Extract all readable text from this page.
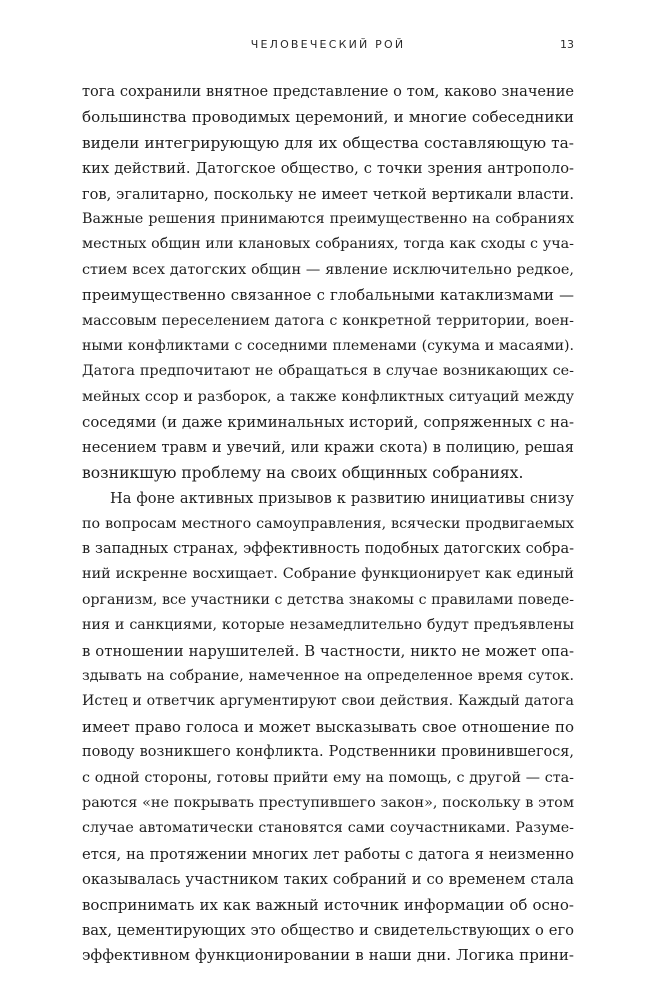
ЧЕЛОВЕЧЕСКИЙ РОЙ	13
тога сохранили внятное представление о том, каково значение
большинства проводимых церемоний, и многие собеседники
видели интегрирующую для их общества составляющую та-
ких действий. Датогское общество, с точки зрения антрополо-
гов, эгалитарно, поскольку не имеет четкой вертикали власти.
Важные решения принимаются преимущественно на собраниях
местных общин или клановых собраниях, тогда как сходы с уча-
стием всех датогских общин — явление исключительно редкое,
преимущественно связанное с глобальными катаклизмами —
массовым переселением датога с конкретной территории, воен-
ными конфликтами с соседними племенами (сукума и масаями).
Датога предпочитают не обращаться в случае возникающих се-
мейных ссор и разборок, а также конфликтных ситуаций между
соседями (и даже криминальных историй, сопряженных с на-
несением травм и увечий, или кражи скота) в полицию, решая
возникшую проблему на своих общинных собраниях.
На фоне активных призывов к развитию инициативы снизу
по вопросам местного самоуправления, всячески продвигаемых
в западных странах, эффективность подобных датогских собра-
ний искренне восхищает. Собрание функционирует как единый
организм, все участники с детства знакомы с правилами поведе-
ния и санкциями, которые незамедлительно будут предъявлены
в отношении нарушителей. В частности, никто не может опа-
здывать на собрание, намеченное на определенное время суток.
Истец и ответчик аргументируют свои действия. Каждый датога
имеет право голоса и может высказывать свое отношение по
поводу возникшего конфликта. Родственники провинившегося,
с одной стороны, готовы прийти ему на помощь, с другой — ста-
раются «не покрывать преступившего закон», поскольку в этом
случае автоматически становятся сами соучастниками. Разуме-
ется, на протяжении многих лет работы с датога я неизменно
оказывалась участником таких собраний и со временем стала
воспринимать их как важный источник информации об осно-
вах, цементирующих это общество и свидетельствующих о его
эффективном функционировании в наши дни. Логика прини-
